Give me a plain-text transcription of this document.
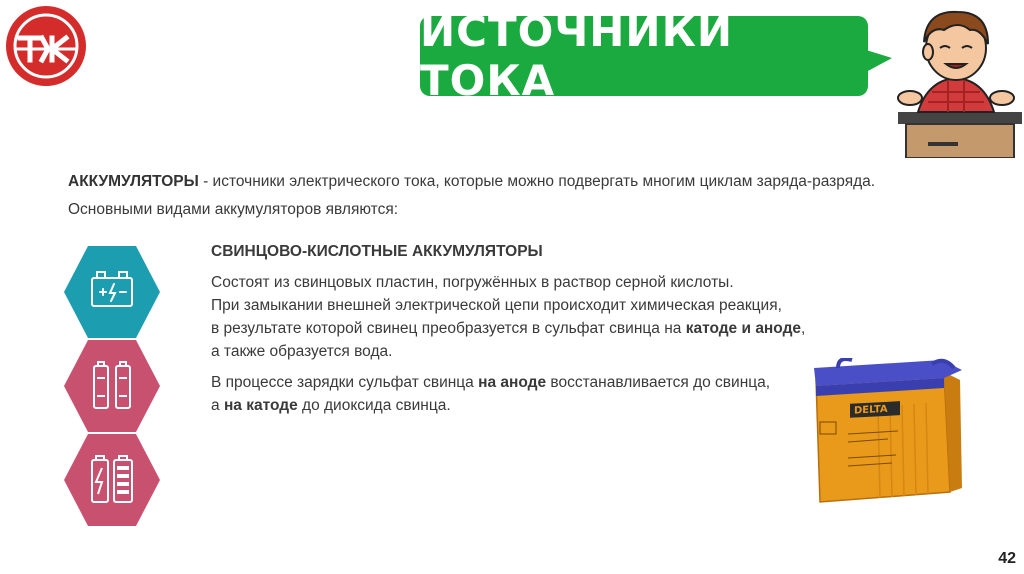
ИСТОЧНИКИ ТОКА
АККУМУЛЯТОРЫ - источники электрического тока, которые можно подвергать многим циклам заряда-разряда.
Основными видами аккумуляторов являются:
СВИНЦОВО-КИСЛОТНЫЕ АККУМУЛЯТОРЫ
Состоят из свинцовых пластин, погружённых в раствор серной кислоты.
При замыкании внешней электрической цепи происходит химическая реакция,
в результате которой свинец преобразуется в сульфат свинца на катоде и аноде,
а также образуется вода.
В процессе зарядки сульфат свинца на аноде восстанавливается до свинца,
а на катоде до диоксида свинца.	DELTA
42
